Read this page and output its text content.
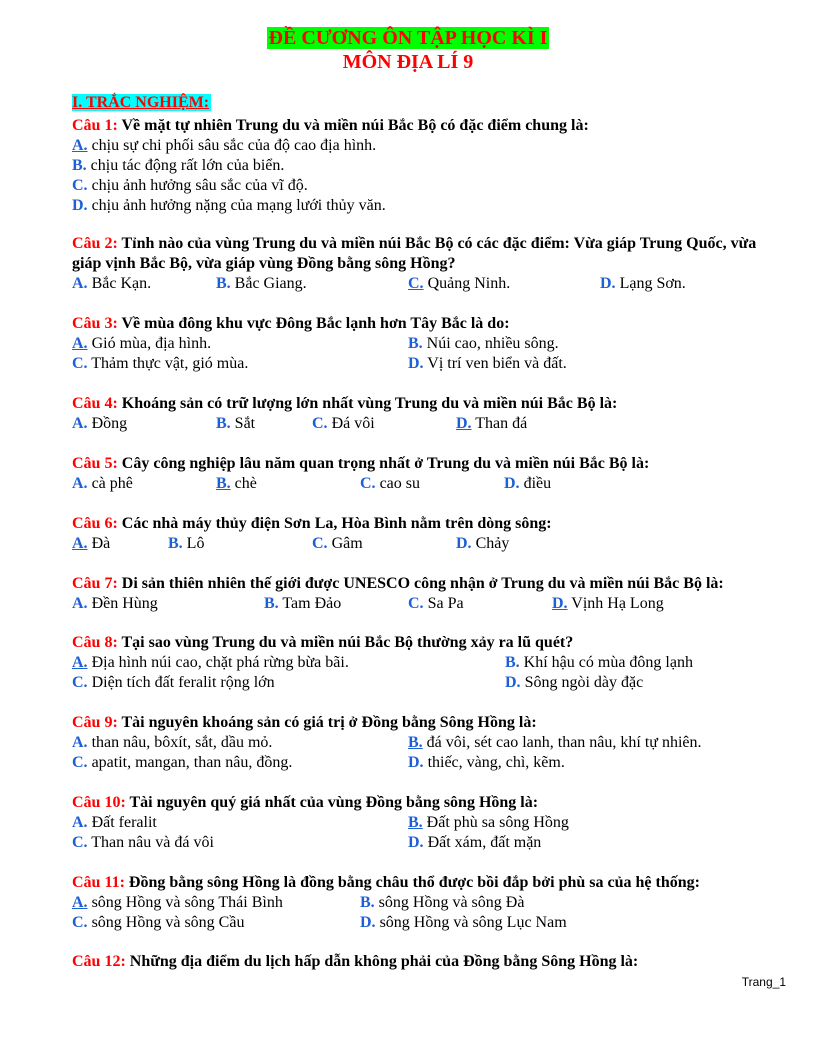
ĐỀ CƯƠNG ÔN TẬP HỌC KÌ I
MÔN ĐỊA LÍ 9
I. TRẮC NGHIỆM:
Câu 1: Về mặt tự nhiên Trung du và miền núi Bắc Bộ có đặc điểm chung là:
A. chịu sự chi phối sâu sắc của độ cao địa hình.
B. chịu tác động rất lớn của biển.
C. chịu ảnh hưởng sâu sắc của vĩ độ.
D. chịu ảnh hưởng nặng của mạng lưới thủy văn.
Câu 2: Tỉnh nào của vùng Trung du và miền núi Bắc Bộ có các đặc điểm: Vừa giáp Trung Quốc, vừa giáp vịnh Bắc Bộ, vừa giáp vùng Đồng bằng sông Hồng?
A. Bắc Kạn.	B. Bắc Giang.	C. Quảng Ninh.	D. Lạng Sơn.
Câu 3: Về mùa đông khu vực Đông Bắc lạnh hơn Tây Bắc là do:
A. Gió mùa, địa hình.	B. Núi cao, nhiều sông.
C. Thảm thực vật, gió mùa.	D. Vị trí ven biển và đất.
Câu 4: Khoáng sản có trữ lượng lớn nhất vùng Trung du và miền núi Bắc Bộ là:
A. Đồng	B. Sắt	C. Đá vôi	D. Than đá
Câu 5: Cây công nghiệp lâu năm quan trọng nhất ở Trung du và miền núi Bắc Bộ là:
A. cà phê	B. chè	C. cao su	D. điều
Câu 6: Các nhà máy thủy điện Sơn La, Hòa Bình nằm trên dòng sông:
A. Đà	B. Lô	C. Gâm	D. Chảy
Câu 7: Di sản thiên nhiên thế giới được UNESCO công nhận ở Trung du và miền núi Bắc Bộ là:
A. Đền Hùng	B. Tam Đảo	C. Sa Pa	D. Vịnh Hạ Long
Câu 8: Tại sao vùng Trung du và miền núi Bắc Bộ thường xảy ra lũ quét?
A. Địa hình núi cao, chặt phá rừng bừa bãi.	B. Khí hậu có mùa đông lạnh
C. Diện tích đất feralit rộng lớn	D. Sông ngòi dày đặc
Câu 9: Tài nguyên khoáng sản có giá trị ở Đồng bằng Sông Hồng là:
A. than nâu, bôxít, sắt, dầu mỏ.	B. đá vôi, sét cao lanh, than nâu, khí tự nhiên.
C. apatit, mangan, than nâu, đồng.	D. thiếc, vàng, chì, kẽm.
Câu 10: Tài nguyên quý giá nhất của vùng Đồng bằng sông Hồng là:
A. Đất feralit	B. Đất phù sa sông Hồng
C. Than nâu và đá vôi	D. Đất xám, đất mặn
Câu 11: Đồng bằng sông Hồng là đồng bằng châu thổ được bồi đắp bởi phù sa của hệ thống:
A. sông Hồng và sông Thái Bình	B. sông Hồng và sông Đà
C. sông Hồng và sông Cầu	D. sông Hồng và sông Lục Nam
Câu 12: Những địa điểm du lịch hấp dẫn không phải của Đồng bằng Sông Hồng là:
Trang_1
